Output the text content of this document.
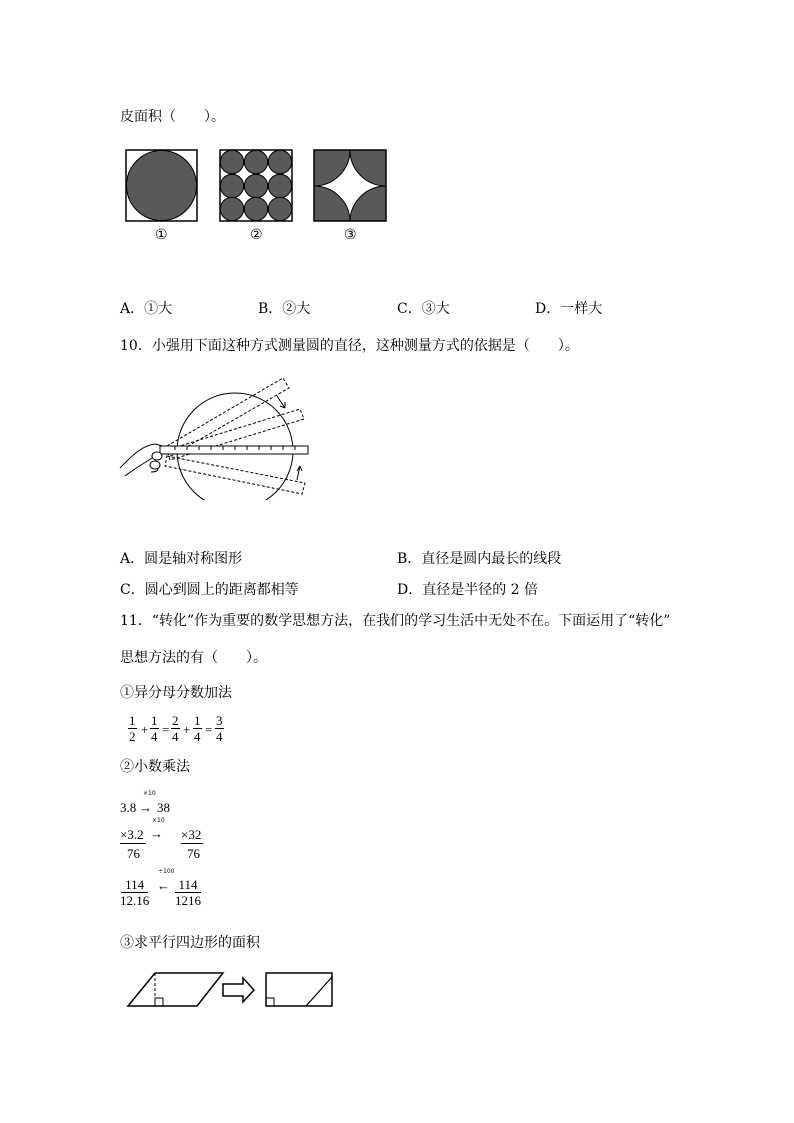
皮面积（　　）。
①	②	③
A．①大	B．②大	C．③大	D．一样大
10．小强用下面这种方式测量圆的直径，这种测量方式的依据是（　　）。
A．圆是轴对称图形	B．直径是圆内最长的线段
C．圆心到圆上的距离都相等	D．直径是半径的 2 倍
11．“转化”作为重要的数学思想方法，在我们的学习生活中无处不在。下面运用了“转化”
思想方法的有（　　）。
①异分母分数加法
$\frac{1}{2} + \frac{1}{4} = \frac{2}{4} + \frac{1}{4} = \frac{3}{4}$
②小数乘法
3.8
×10
→ 38
×3.2
×10
→ ×32
76	76
$\frac{114}{12.16}$
÷100
← $\frac{114}{1216}$
③求平行四边形的面积
